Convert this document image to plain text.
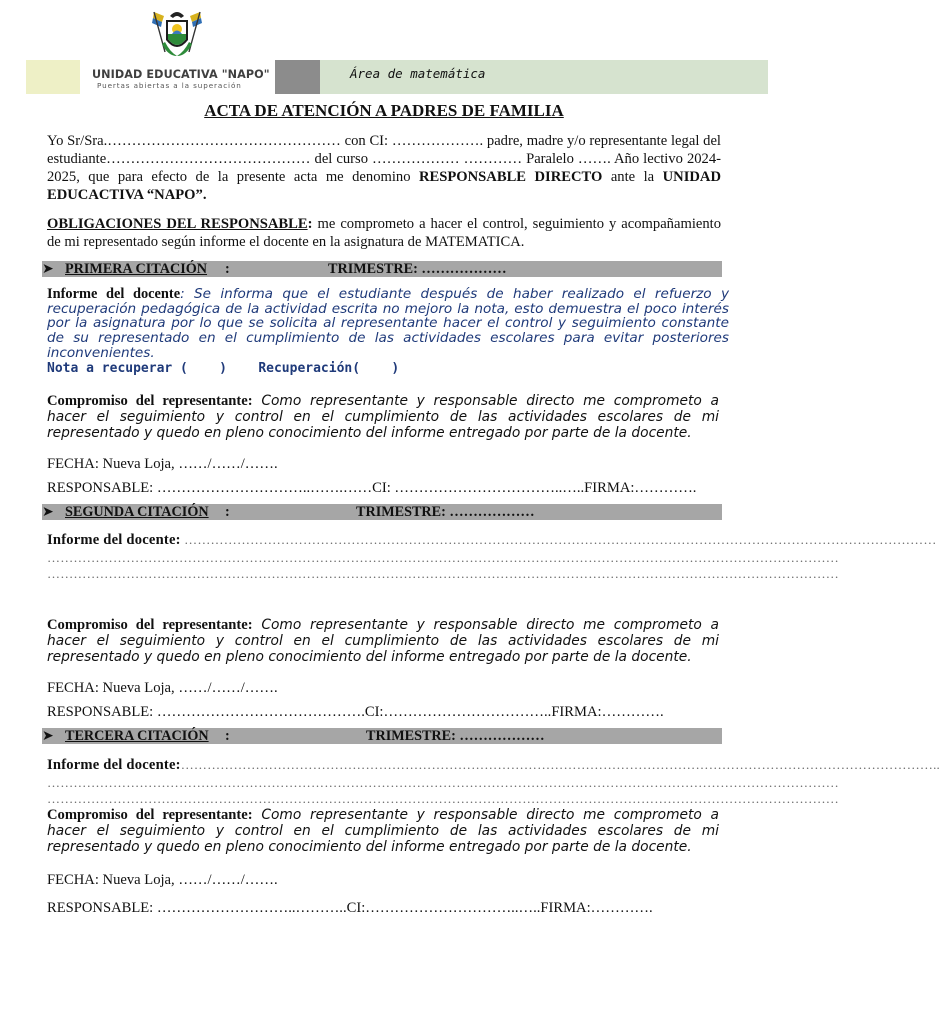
UNIDAD EDUCATIVA "NAPO"
Puertas abiertas a la superación
Área de matemática
ACTA DE ATENCIÓN A PADRES DE FAMILIA
Yo Sr/Sra.………………………………………… con CI: ………………. padre, madre y/o representante legal del estudiante…………………………………… del curso ……………… ………… Paralelo ……. Año lectivo 2024- 2025, que para efecto de la presente acta me denomino RESPONSABLE DIRECTO ante la UNIDAD EDUCACTIVA “NAPO”.
OBLIGACIONES DEL RESPONSABLE: me comprometo a hacer el control, seguimiento y acompañamiento de mi representado según informe el docente en la asignatura de MATEMATICA.
➤ PRIMERA CITACIÓN :	TRIMESTRE: ………………
Informe del docente: Se informa que el estudiante después de haber realizado el refuerzo y recuperación pedagógica de la actividad escrita no mejoro la nota, esto demuestra el poco interés por la asignatura por lo que se solicita al representante hacer el control y seguimiento constante de su representado en el cumplimiento de las actividades escolares para evitar posteriores inconvenientes.
Nota a recuperar (    )    Recuperación(    )
Compromiso del representante: Como representante y responsable directo me comprometo a hacer el seguimiento y control en el cumplimiento de las actividades escolares de mi representado y quedo en pleno conocimiento del informe entregado por parte de la docente.
FECHA: Nueva Loja, ……/……/…….
RESPONSABLE: …………………………..…….……CI: ……………………………..…..FIRMA:………….
➤ SEGUNDA CITACIÓN :	TRIMESTRE: ………………
Informe del docente: ………………………………………………………………………………………………………………………………………………………
………………………………………………………………………………………………………………………………………………………………
………………………………………………………………………………………………………………………………………………………………
Compromiso del representante: Como representante y responsable directo me comprometo a hacer el seguimiento y control en el cumplimiento de las actividades escolares de mi representado y quedo en pleno conocimiento del informe entregado por parte de la docente.
FECHA: Nueva Loja, ……/……/…….
RESPONSABLE: …………………………………….CI:……………………………..FIRMA:………….
➤ TERCERA CITACIÓN :	TRIMESTRE: ………………
Informe del docente:………………………………………………………………………………………………………………………………………………………..
………………………………………………………………………………………………………………………………………………………………
………………………………………………………………………………………………………………………………………………………………
Compromiso del representante: Como representante y responsable directo me comprometo a hacer el seguimiento y control en el cumplimiento de las actividades escolares de mi representado y quedo en pleno conocimiento del informe entregado por parte de la docente.
FECHA: Nueva Loja, ……/……/…….
RESPONSABLE: ………………………..………..CI:…………………………..…..FIRMA:………….
